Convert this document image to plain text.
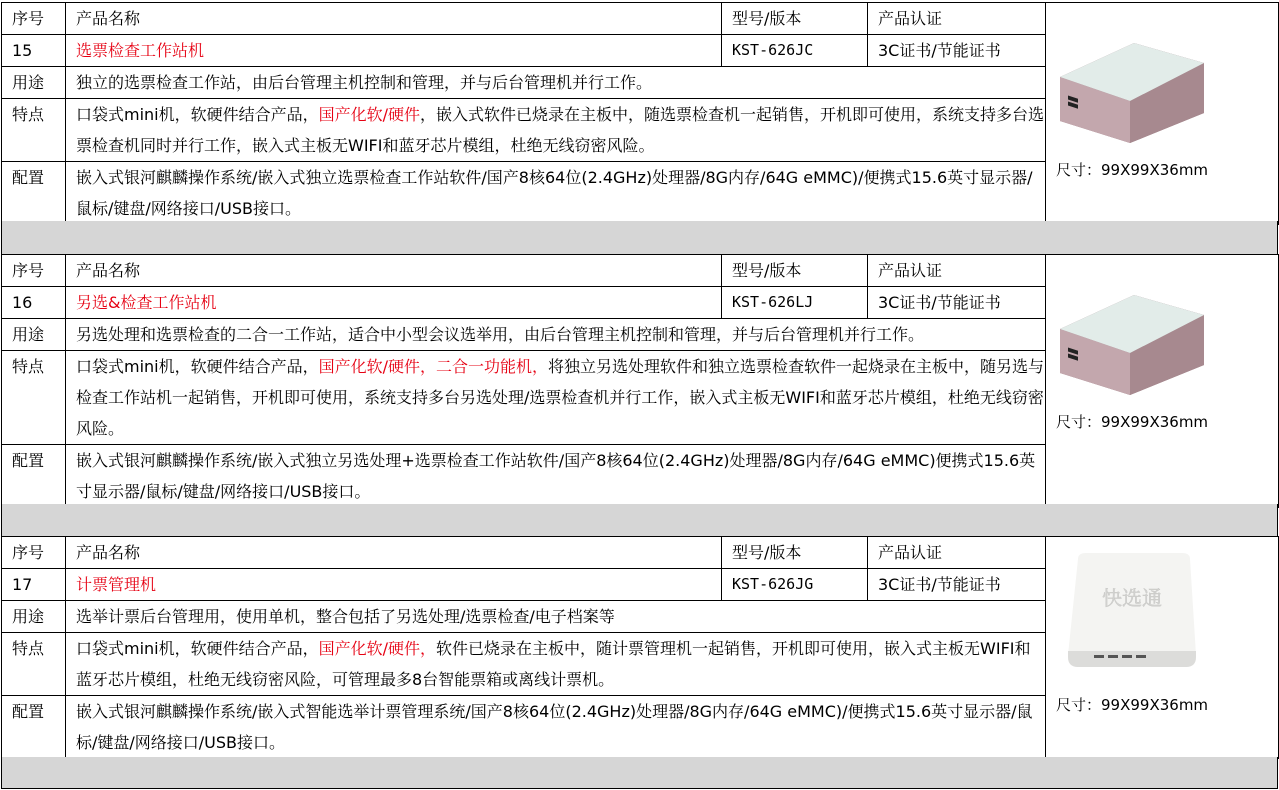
序号	产品名称	型号/版本	产品认证	尺寸：99X99X36mm

15	选票检查工作站机	KST-626JC	3C证书/节能证书	
用途	独立的选票检查工作站，由后台管理主机控制和管理，并与后台管理机并行工作。			
特点	口袋式mini机，软硬件结合产品，国产化软/硬件，嵌入式软件已烧录在主板中，随选票检查机一起销售，开机即可使用，系统支持多台选票检查机同时并行工作，嵌入式主板无WIFI和蓝牙芯片模组，杜绝无线窃密风险。			
配置	嵌入式银河麒麟操作系统/嵌入式独立选票检查工作站软件/国产8核64位(2.4GHz)处理器/8G内存/64G eMMC)/便携式15.6英寸显示器/鼠标/键盘/网络接口/USB接口。			
序号	产品名称	型号/版本	产品认证	尺寸：99X99X36mm

16	另选&检查工作站机	KST-626LJ	3C证书/节能证书	
用途	另选处理和选票检查的二合一工作站，适合中小型会议选举用，由后台管理主机控制和管理，并与后台管理机并行工作。			
特点	口袋式mini机，软硬件结合产品，国产化软/硬件，二合一功能机，将独立另选处理软件和独立选票检查软件一起烧录在主板中，随另选与检查工作站机一起销售，开机即可使用，系统支持多台另选处理/选票检查机并行工作，嵌入式主板无WIFI和蓝牙芯片模组，杜绝无线窃密风险。			
配置	嵌入式银河麒麟操作系统/嵌入式独立另选处理+选票检查工作站软件/国产8核64位(2.4GHz)处理器/8G内存/64G eMMC)便携式15.6英寸显示器/鼠标/键盘/网络接口/USB接口。			
序号	产品名称	型号/版本	产品认证	快选通
尺寸：99X99X36mm

17	计票管理机	KST-626JG	3C证书/节能证书	
用途	选举计票后台管理用，使用单机，整合包括了另选处理/选票检查/电子档案等			
特点	口袋式mini机，软硬件结合产品，国产化软/硬件，软件已烧录在主板中，随计票管理机一起销售，开机即可使用，嵌入式主板无WIFI和蓝牙芯片模组，杜绝无线窃密风险，可管理最多8台智能票箱或离线计票机。			
配置	嵌入式银河麒麟操作系统/嵌入式智能选举计票管理系统/国产8核64位(2.4GHz)处理器/8G内存/64G eMMC)/便携式15.6英寸显示器/鼠标/键盘/网络接口/USB接口。			
